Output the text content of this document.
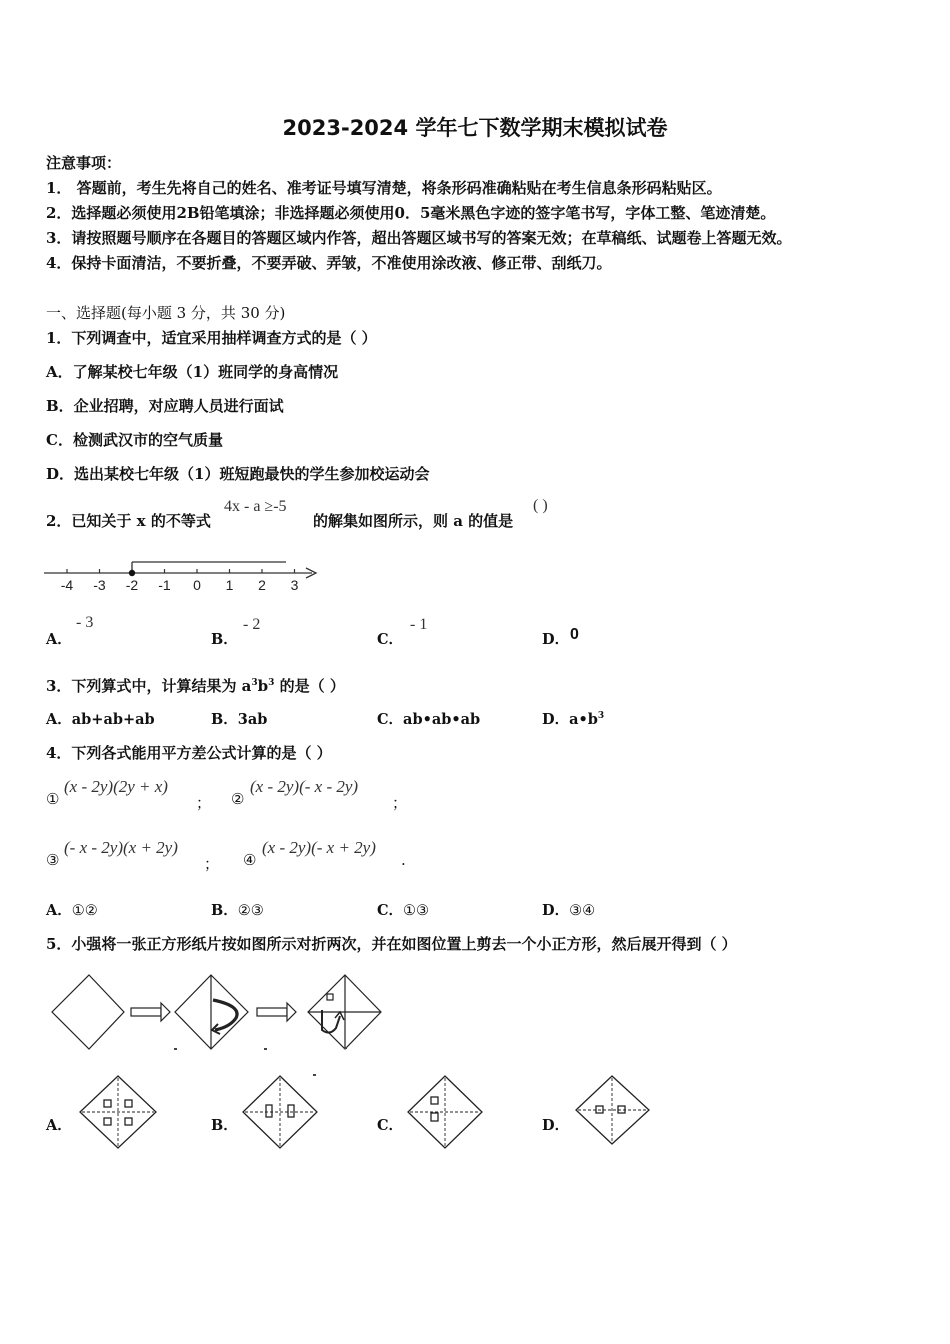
2023-2024 学年七下数学期末模拟试卷
注意事项：
1． 答题前，考生先将自己的姓名、准考证号填写清楚，将条形码准确粘贴在考生信息条形码粘贴区。
2．选择题必须使用2B铅笔填涂；非选择题必须使用0．5毫米黑色字迹的签字笔书写，字体工整、笔迹清楚。
3．请按照题号顺序在各题目的答题区域内作答，超出答题区域书写的答案无效；在草稿纸、试题卷上答题无效。
4．保持卡面清洁，不要折叠，不要弄破、弄皱，不准使用涂改液、修正带、刮纸刀。
一、选择题(每小题 3 分，共 30 分)
1．下列调查中，适宜采用抽样调查方式的是（ ）
A．了解某校七年级（1）班同学的身高情况
B．企业招聘，对应聘人员进行面试
C．检测武汉市的空气质量
D．选出某校七年级（1）班短跑最快的学生参加校运动会
2．已知关于 x 的不等式
4x - a ≥-5
的解集如图所示，则 a 的值是
( )
-4 -3 -2 -1 0 1 2 3
A．
- 3
B．
- 2
C．
- 1
D． 0
3．下列算式中，计算结果为 $a^3b^3$ 的是（ ）
A．ab+ab+ab	B．3ab	C．ab•ab•ab	D．$a•b^3$
4．下列各式能用平方差公式计算的是（ ）
①
(x - 2y)(2y + x)
； ②
(x - 2y)(- x - 2y)
；
③
(- x - 2y)(x + 2y)
； ④
(x - 2y)(- x + 2y)
.
A．①②	B．②③	C．①③	D．③④
5．小强将一张正方形纸片按如图所示对折两次，并在如图位置上剪去一个小正方形，然后展开得到（ ）
A．	B．	C．	D．
